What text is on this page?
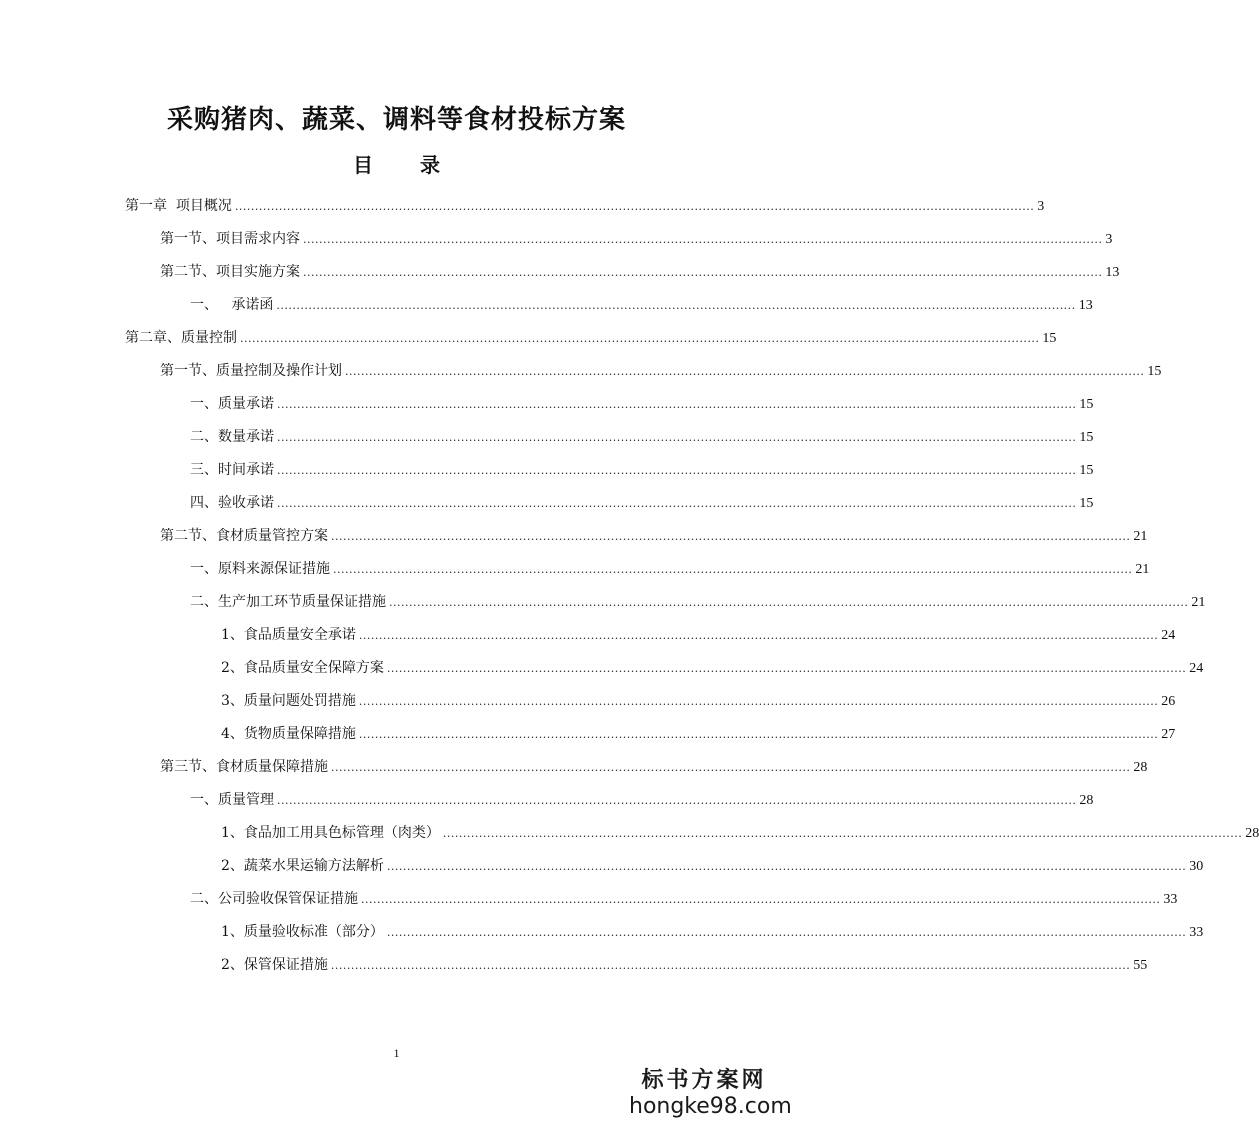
采购猪肉、蔬菜、调料等食材投标方案
目 录
第一章  项目概况 ........................................................................................................................................................................................................ 3
第一节、项目需求内容 ........................................................................................................................................................................................................ 3
第二节、项目实施方案 ........................................................................................................................................................................................................ 13
一、   承诺函 ........................................................................................................................................................................................................ 13
第二章、质量控制 ........................................................................................................................................................................................................ 15
第一节、质量控制及操作计划 ........................................................................................................................................................................................................ 15
一、质量承诺 ........................................................................................................................................................................................................ 15
二、数量承诺 ........................................................................................................................................................................................................ 15
三、时间承诺 ........................................................................................................................................................................................................ 15
四、验收承诺 ........................................................................................................................................................................................................ 15
第二节、食材质量管控方案 ........................................................................................................................................................................................................ 21
一、原料来源保证措施 ........................................................................................................................................................................................................ 21
二、生产加工环节质量保证措施 ........................................................................................................................................................................................................ 21
1、食品质量安全承诺 ........................................................................................................................................................................................................ 24
2、食品质量安全保障方案 ........................................................................................................................................................................................................ 24
3、质量问题处罚措施 ........................................................................................................................................................................................................ 26
4、货物质量保障措施 ........................................................................................................................................................................................................ 27
第三节、食材质量保障措施 ........................................................................................................................................................................................................ 28
一、质量管理 ........................................................................................................................................................................................................ 28
1、食品加工用具色标管理（肉类） ........................................................................................................................................................................................................ 28
2、蔬菜水果运输方法解析 ........................................................................................................................................................................................................ 30
二、公司验收保管保证措施 ........................................................................................................................................................................................................ 33
1、质量验收标准（部分） ........................................................................................................................................................................................................ 33
2、保管保证措施 ........................................................................................................................................................................................................ 55
1
标书方案网
hongke98.com
